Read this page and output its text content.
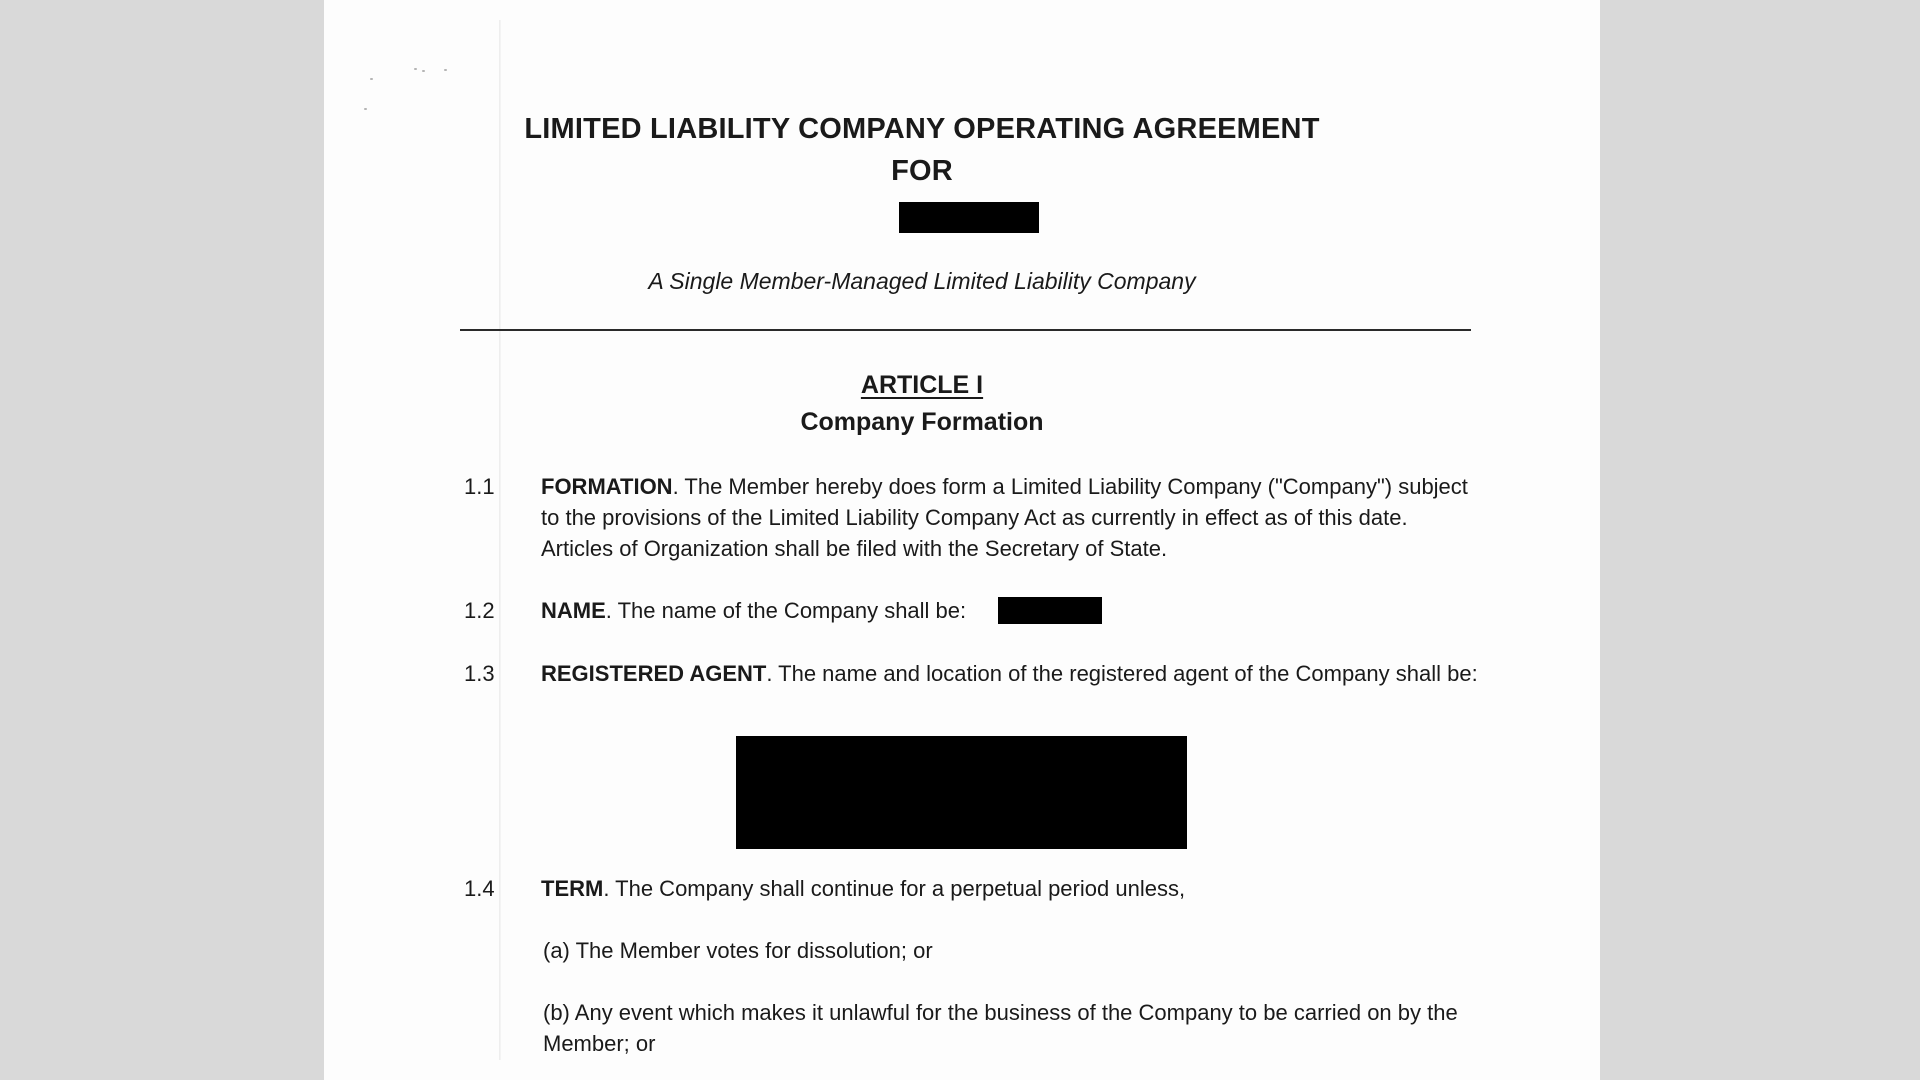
LIMITED LIABILITY COMPANY OPERATING AGREEMENT
FOR
A Single Member-Managed Limited Liability Company
ARTICLE I
Company Formation
1.1 FORMATION. The Member hereby does form a Limited Liability Company ("Company") subject to the provisions of the Limited Liability Company Act as currently in effect as of this date. Articles of Organization shall be filed with the Secretary of State.
1.2 NAME. The name of the Company shall be:
1.3 REGISTERED AGENT. The name and location of the registered agent of the Company shall be:
1.4 TERM. The Company shall continue for a perpetual period unless,
(a) The Member votes for dissolution; or
(b) Any event which makes it unlawful for the business of the Company to be carried on by the Member; or
